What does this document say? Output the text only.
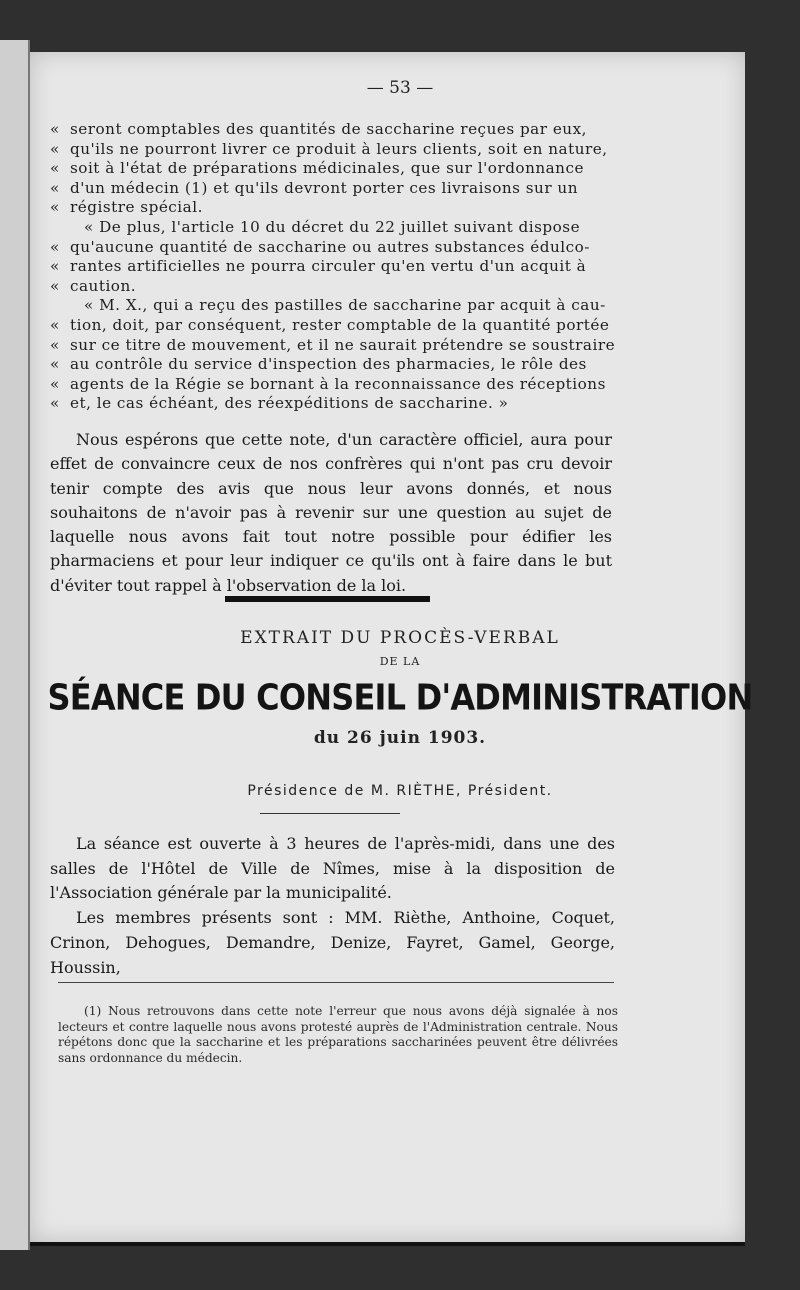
— 53 —
« seront comptables des quantités de saccharine reçues par eux,
« qu'ils ne pourront livrer ce produit à leurs clients, soit en nature,
« soit à l'état de préparations médicinales, que sur l'ordonnance
« d'un médecin (1) et qu'ils devront porter ces livraisons sur un
« régistre spécial.
« De plus, l'article 10 du décret du 22 juillet suivant dispose
« qu'aucune quantité de saccharine ou autres substances édulco-
« rantes artificielles ne pourra circuler qu'en vertu d'un acquit à
« caution.
« M. X., qui a reçu des pastilles de saccharine par acquit à cau-
« tion, doit, par conséquent, rester comptable de la quantité portée
« sur ce titre de mouvement, et il ne saurait prétendre se soustraire
« au contrôle du service d'inspection des pharmacies, le rôle des
« agents de la Régie se bornant à la reconnaissance des réceptions
« et, le cas échéant, des réexpéditions de saccharine. »

Nous espérons que cette note, d'un caractère officiel, aura pour effet de convaincre ceux de nos confrères qui n'ont pas cru devoir tenir compte des avis que nous leur avons donnés, et nous souhaitons de n'avoir pas à revenir sur une question au sujet de laquelle nous avons fait tout notre possible pour édifier les pharmaciens et pour leur indiquer ce qu'ils ont à faire dans le but d'éviter tout rappel à l'observation de la loi.

EXTRAIT DU PROCÈS-VERBAL
DE LA
SÉANCE DU CONSEIL D'ADMINISTRATION
du 26 juin 1903.
Présidence de M. RIÈTHE, Président.

La séance est ouverte à 3 heures de l'après-midi, dans une des salles de l'Hôtel de Ville de Nîmes, mise à la disposition de l'Association générale par la municipalité.

Les membres présents sont : MM. Rièthe, Anthoine, Coquet, Crinon, Dehogues, Demandre, Denize, Fayret, Gamel, George, Houssin,

(1) Nous retrouvons dans cette note l'erreur que nous avons déjà signalée à nos lecteurs et contre laquelle nous avons protesté auprès de l'Administration centrale. Nous répétons donc que la saccharine et les préparations saccharinées peuvent être délivrées sans ordonnance du médecin.
